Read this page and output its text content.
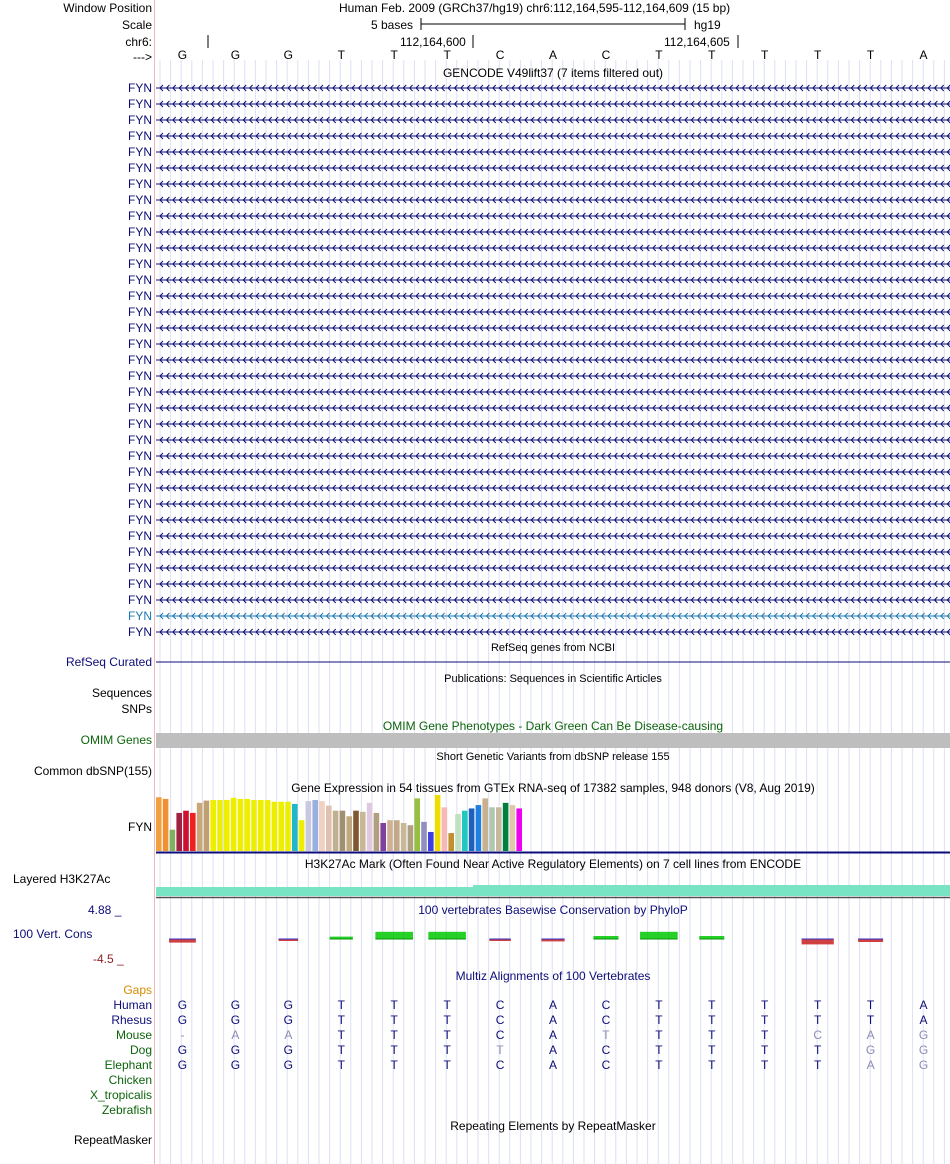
Window Position	Human Feb. 2009 (GRCh37/hg19) chr6:112,164,595-112,164,609 (15 bp)
Scale	5 bases	hg19
chr6:	112,164,600	112,164,605
--->	G	G	G	T	T	T	C	A	C	T	T	T	T	T	A
GENCODE V49lift37 (7 items filtered out)
FYN
FYN
FYN
FYN
FYN
FYN
FYN
FYN
FYN
FYN
FYN
FYN
FYN
FYN
FYN
FYN
FYN
FYN
FYN
FYN
FYN
FYN
FYN
FYN
FYN
FYN
FYN
FYN
FYN
FYN
FYN
FYN
FYN
FYN
FYN
RefSeq genes from NCBI
RefSeq Curated
Publications: Sequences in Scientific Articles
Sequences
SNPs
OMIM Gene Phenotypes - Dark Green Can Be Disease-causing
OMIM Genes
Short Genetic Variants from dbSNP release 155
Common dbSNP(155)
Gene Expression in 54 tissues from GTEx RNA-seq of 17382 samples, 948 donors (V8, Aug 2019)
FYN
H3K27Ac Mark (Often Found Near Active Regulatory Elements) on 7 cell lines from ENCODE
Layered H3K27Ac
4.88 _	100 vertebrates Basewise Conservation by PhyloP
100 Vert. Cons
-4.5 _
Multiz Alignments of 100 Vertebrates
Gaps
Human	G	G	G	T	T	T	C	A	C	T	T	T	T	T	A
Rhesus	G	G	G	T	T	T	C	A	C	T	T	T	T	T	A
Mouse	-	A	A	T	T	T	C	A	T	T	T	T	C	A	G
Dog	G	G	G	T	T	T	T	A	C	T	T	T	T	G	G
Elephant	G	G	G	T	T	T	C	A	C	T	T	T	T	A	G
Chicken
X_tropicalis
Zebrafish
Repeating Elements by RepeatMasker
RepeatMasker
